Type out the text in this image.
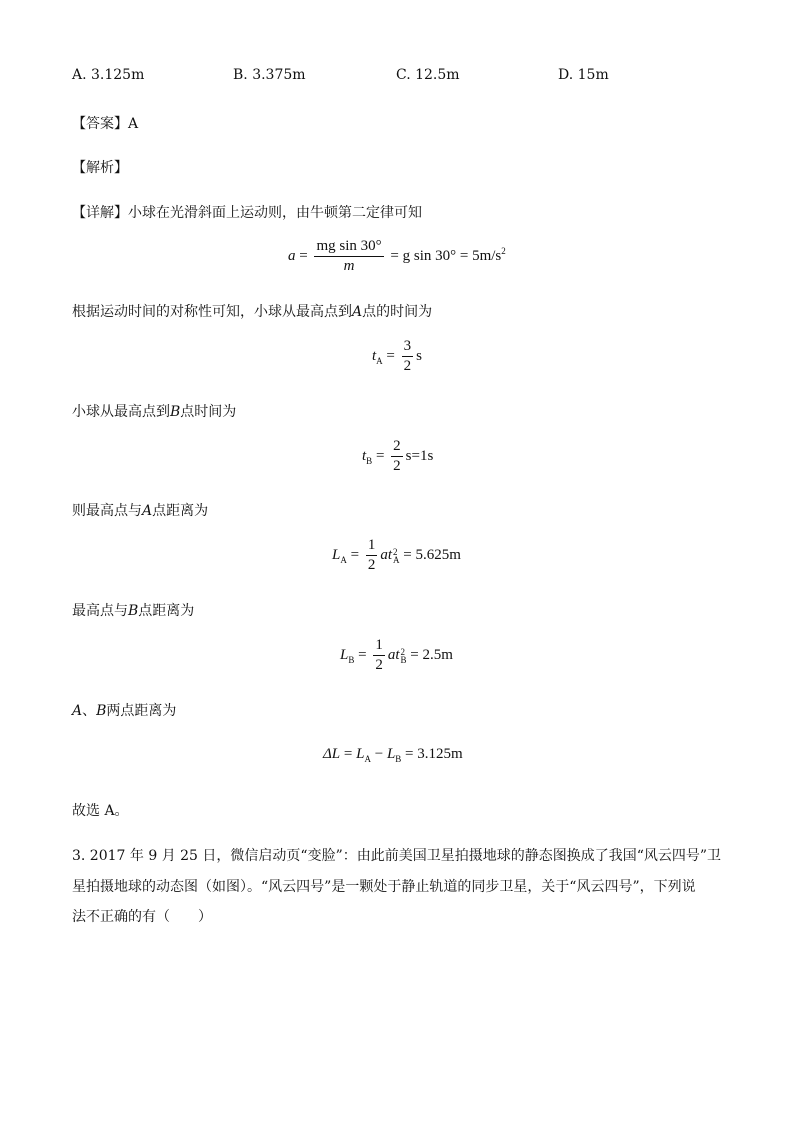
A. 3.125m	B. 3.375m	C. 12.5m	D. 15m
【答案】A
【解析】
【详解】小球在光滑斜面上运动则，由牛顿第二定律可知
$a = \frac{\text{mg sin 30°}}{m} = g$ $\sin 30^\circ = 5m/s^2$
根据运动时间的对称性可知，小球从最高点到A点的时间为
$t_A = \frac{3}{2}$ s
小球从最高点到B点时间为
$t_B = \frac{2}{2} s=1s$
则最高点与A点距离为
$L_A = \frac{1}{2}$ at 2
A = 5.625m
最高点与B点距离为
$L_B = \frac{1}{2}$ at 2
B = 2.5m
A、B两点距离为
$\Delta L = L_A - L_B = 3.125m$
故选 A。
3. 2017 年 9 月 25 日，微信启动页“变脸”：由此前美国卫星拍摄地球的静态图换成了我国“风云四号”卫
星拍摄地球的动态图（如图）。“风云四号”是一颗处于静止轨道的同步卫星，关于“风云四号”，下列说
法不正确的有（　　）
